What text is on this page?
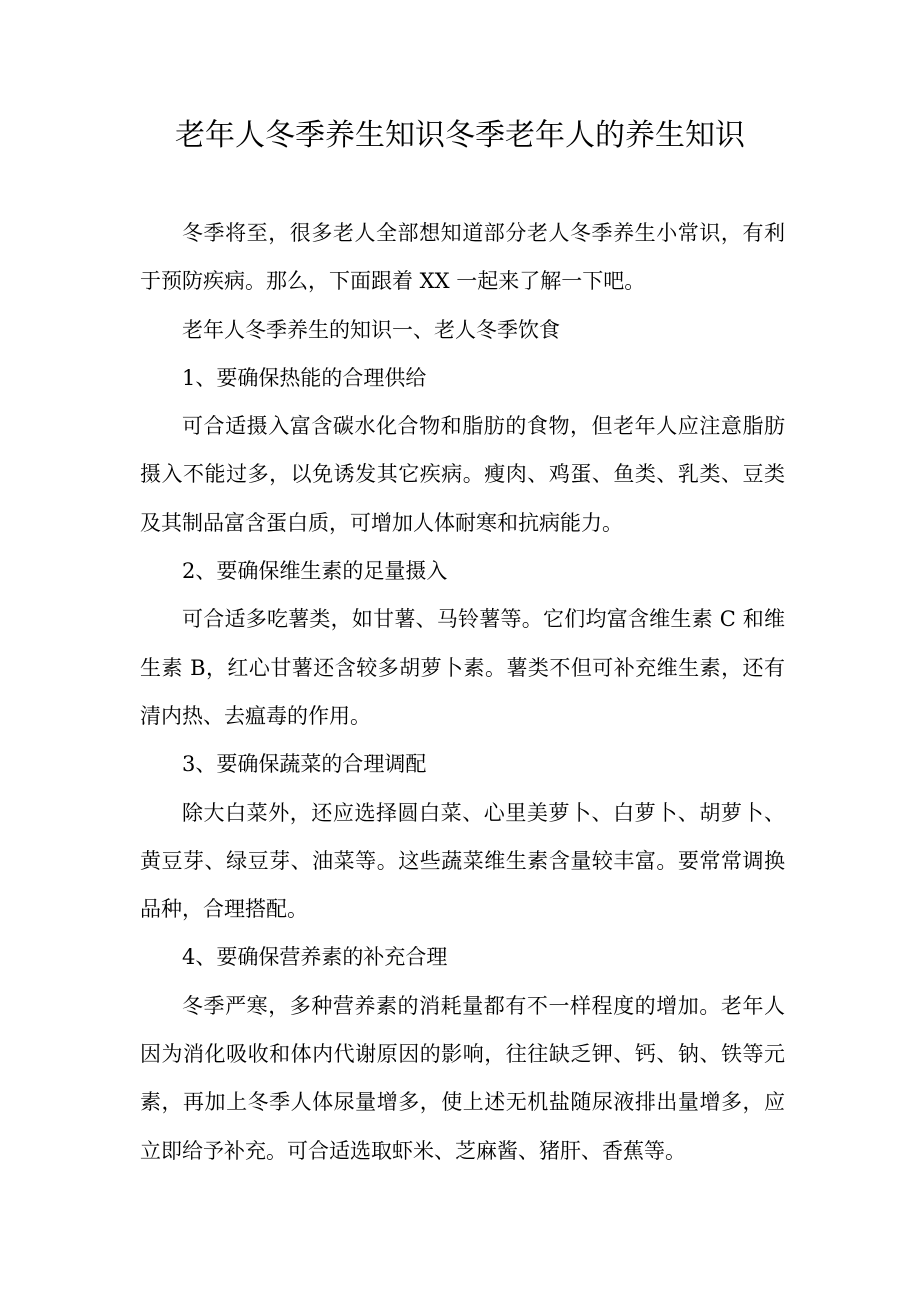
老年人冬季养生知识冬季老年人的养生知识

冬季将至，很多老人全部想知道部分老人冬季养生小常识，有利于预防疾病。那么，下面跟着 XX 一起来了解一下吧。

老年人冬季养生的知识一、老人冬季饮食

1、要确保热能的合理供给

可合适摄入富含碳水化合物和脂肪的食物，但老年人应注意脂肪摄入不能过多，以免诱发其它疾病。瘦肉、鸡蛋、鱼类、乳类、豆类及其制品富含蛋白质，可增加人体耐寒和抗病能力。

2、要确保维生素的足量摄入

可合适多吃薯类，如甘薯、马铃薯等。它们均富含维生素 C 和维生素 B，红心甘薯还含较多胡萝卜素。薯类不但可补充维生素，还有清内热、去瘟毒的作用。

3、要确保蔬菜的合理调配

除大白菜外，还应选择圆白菜、心里美萝卜、白萝卜、胡萝卜、黄豆芽、绿豆芽、油菜等。这些蔬菜维生素含量较丰富。要常常调换品种，合理搭配。

4、要确保营养素的补充合理

冬季严寒，多种营养素的消耗量都有不一样程度的增加。老年人因为消化吸收和体内代谢原因的影响，往往缺乏钾、钙、钠、铁等元素，再加上冬季人体尿量增多，使上述无机盐随尿液排出量增多，应立即给予补充。可合适选取虾米、芝麻酱、猪肝、香蕉等。
